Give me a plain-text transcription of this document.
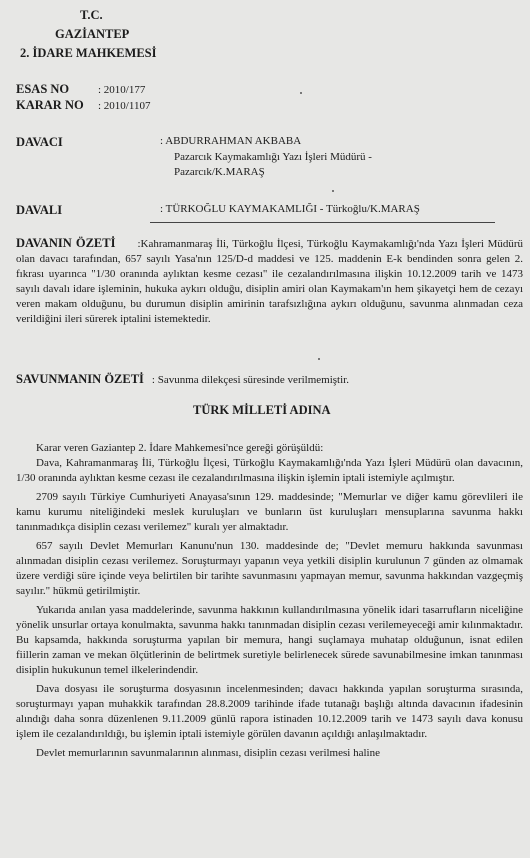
T.C.
GAZİANTEP
2. İDARE MAHKEMESİ
ESAS NO	: 2010/177
KARAR NO : 2010/1107
DAVACI	: ABDURRAHMAN AKBABA
Pazarcık Kaymakamlığı Yazı İşleri Müdürü -
Pazarcık/K.MARAŞ
DAVALI	: TÜRKOĞLU KAYMAKAMLIĞI - Türkoğlu/K.MARAŞ

DAVANIN ÖZETİ :Kahramanmaraş İli, Türkoğlu İlçesi, Türkoğlu Kaymakamlığı'nda Yazı İşleri Müdürü olan davacı tarafından, 657 sayılı Yasa'nın 125/D-d maddesi ve 125. maddenin E-k bendinden sonra gelen 2. fıkrası uyarınca "1/30 oranında aylıktan kesme cezası" ile cezalandırılmasına ilişkin 10.12.2009 tarih ve 1473 sayılı davalı idare işleminin, hukuka aykırı olduğu, disiplin amiri olan Kaymakam'ın hem şikayetçi hem de cezayı veren makam olduğunu, bu durumun disiplin amirinin tarafsızlığına aykırı olduğunu, savunma alınmadan ceza verildiğini ileri sürerek iptalini istemektedir.

SAVUNMANIN ÖZETİ : Savunma dilekçesi süresinde verilmemiştir.
TÜRK MİLLETİ ADINA

Karar veren Gaziantep 2. İdare Mahkemesi'nce gereği görüşüldü:

Dava, Kahramanmaraş İli, Türkoğlu İlçesi, Türkoğlu Kaymakamlığı'nda Yazı İşleri Müdürü olan davacının, 1/30 oranında aylıktan kesme cezası ile cezalandırılmasına ilişkin işlemin iptali istemiyle açılmıştır.

2709 sayılı Türkiye Cumhuriyeti Anayasa'sının 129. maddesinde; "Memurlar ve diğer kamu görevlileri ile kamu kurumu niteliğindeki meslek kuruluşları ve bunların üst kuruluşları mensuplarına savunma hakkı tanınmadıkça disiplin cezası verilemez" kuralı yer almaktadır.

657 sayılı Devlet Memurları Kanunu'nun 130. maddesinde de; "Devlet memuru hakkında savunması alınmadan disiplin cezası verilemez. Soruşturmayı yapanın veya yetkili disiplin kurulunun 7 günden az olmamak üzere verdiği süre içinde veya belirtilen bir tarihte savunmasını yapmayan memur, savunma hakkından vazgeçmiş sayılır." hükmü getirilmiştir.

Yukarıda anılan yasa maddelerinde, savunma hakkının kullandırılmasına yönelik idari tasarrufların niceliğine yönelik unsurlar ortaya konulmakta, savunma hakkı tanınmadan disiplin cezası verilemeyeceği amir kılınmaktadır. Bu kapsamda, hakkında soruşturma yapılan bir memura, hangi suçlamaya muhatap olduğunun, isnat edilen fiillerin zaman ve mekan ölçütlerinin de belirtmek suretiyle belirlenecek sürede savunabilmesine imkan tanınması disiplin hukukunun temel ilkelerindendir.

Dava dosyası ile soruşturma dosyasının incelenmesinden; davacı hakkında yapılan soruşturma sırasında, soruşturmayı yapan muhakkik tarafından 28.8.2009 tarihinde ifade tutanağı başlığı altında davacının ifadesinin alındığı daha sonra düzenlenen 9.11.2009 günlü rapora istinaden 10.12.2009 tarih ve 1473 sayılı dava konusu işlem ile cezalandırıldığı, bu işlemin iptali istemiyle görülen davanın açıldığı anlaşılmaktadır.

Devlet memurlarının savunmalarının alınması, disiplin cezası verilmesi haline
